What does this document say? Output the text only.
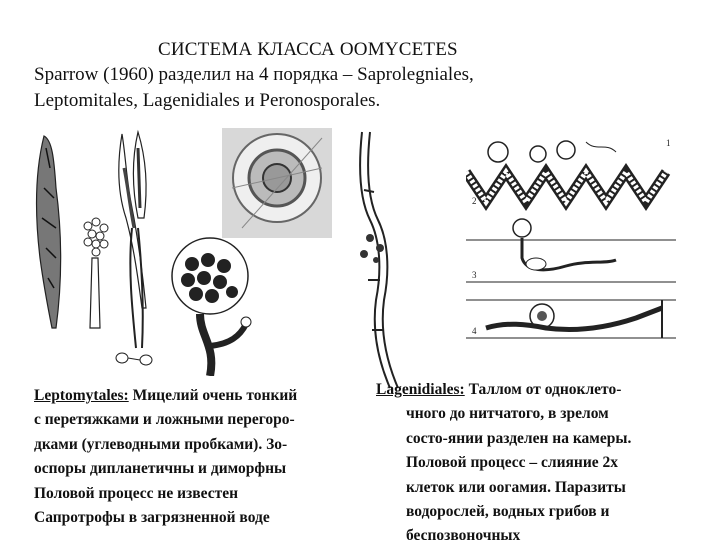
СИСТЕМА КЛАССА OOMYCETES

Sparrow (1960) разделил на 4 порядка – Saprolegniales,

Leptomitales, Lagenidiales и Peronosporales.

1
2
3
4
Leptomytales: Мицелий очень тонкий
с перетяжками и ложными перегоро-
дками (углеводными пробками). Зо-
оспоры дипланетичны и диморфны
Половой процесс не известен
Сапротрофы в загрязненной воде
Lagenidiales: Таллом от одноклето-
чного до нитчатого, в зрелом
состо-янии разделен на камеры.
Половой процесс – слияние 2х
клеток или оогамия. Паразиты
водорослей, водных грибов и
беспозвоночных
